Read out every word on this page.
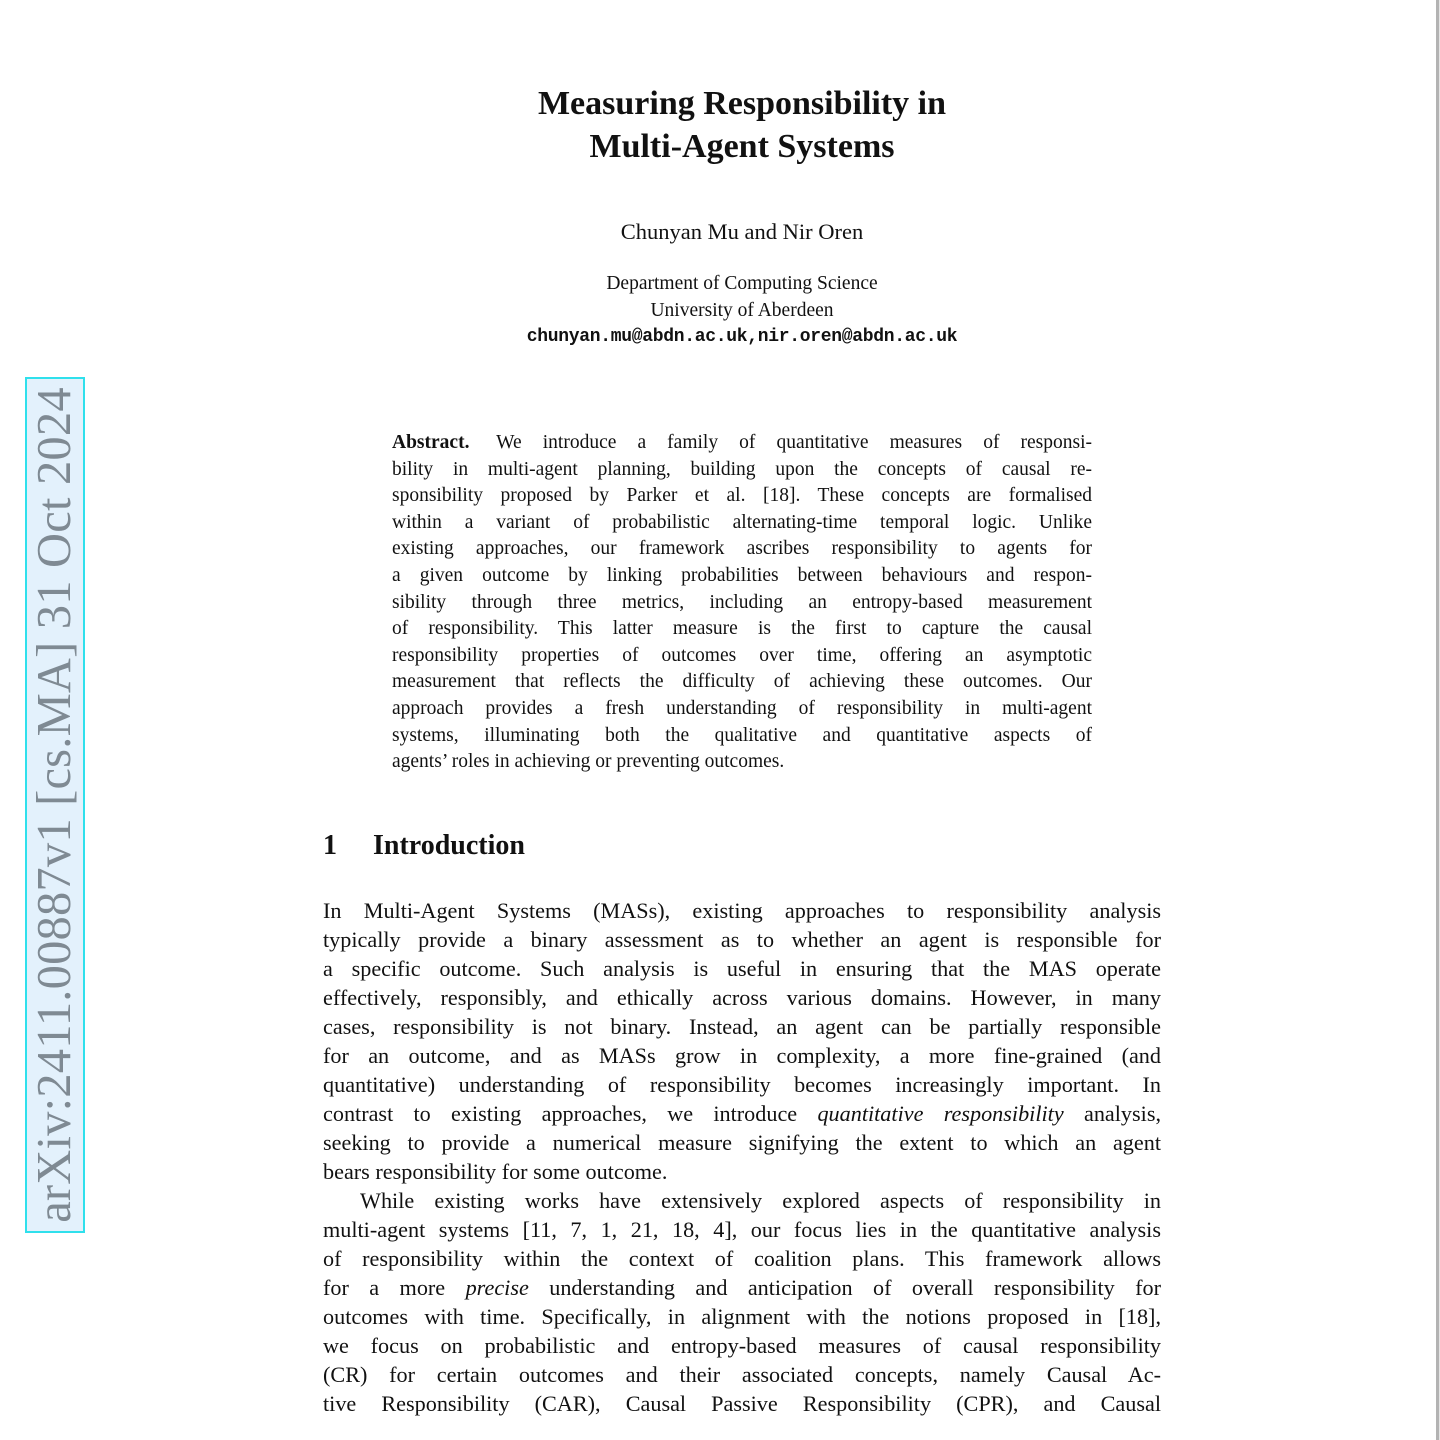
arXiv:2411.00887v1 [cs.MA] 31 Oct 2024
Measuring Responsibility in
Multi-Agent Systems
Chunyan Mu and Nir Oren
Department of Computing Science
University of Aberdeen
chunyan.mu@abdn.ac.uk,nir.oren@abdn.ac.uk
Abstract. We introduce a family of quantitative measures of responsi-
bility in multi-agent planning, building upon the concepts of causal re-
sponsibility proposed by Parker et al. [18]. These concepts are formalised
within a variant of probabilistic alternating-time temporal logic. Unlike
existing approaches, our framework ascribes responsibility to agents for
a given outcome by linking probabilities between behaviours and respon-
sibility through three metrics, including an entropy-based measurement
of responsibility. This latter measure is the first to capture the causal
responsibility properties of outcomes over time, offering an asymptotic
measurement that reflects the difficulty of achieving these outcomes. Our
approach provides a fresh understanding of responsibility in multi-agent
systems, illuminating both the qualitative and quantitative aspects of
agents’ roles in achieving or preventing outcomes.
1 Introduction

In Multi-Agent Systems (MASs), existing approaches to responsibility analysis
typically provide a binary assessment as to whether an agent is responsible for
a specific outcome. Such analysis is useful in ensuring that the MAS operate
effectively, responsibly, and ethically across various domains. However, in many
cases, responsibility is not binary. Instead, an agent can be partially responsible
for an outcome, and as MASs grow in complexity, a more fine-grained (and
quantitative) understanding of responsibility becomes increasingly important. In
contrast to existing approaches, we introduce quantitative responsibility analysis,
seeking to provide a numerical measure signifying the extent to which an agent
bears responsibility for some outcome.

While existing works have extensively explored aspects of responsibility in
multi-agent systems [11, 7, 1, 21, 18, 4], our focus lies in the quantitative analysis
of responsibility within the context of coalition plans. This framework allows
for a more precise understanding and anticipation of overall responsibility for
outcomes with time. Specifically, in alignment with the notions proposed in [18],
we focus on probabilistic and entropy-based measures of causal responsibility
(CR) for certain outcomes and their associated concepts, namely Causal Ac-
tive Responsibility (CAR), Causal Passive Responsibility (CPR), and Causal
